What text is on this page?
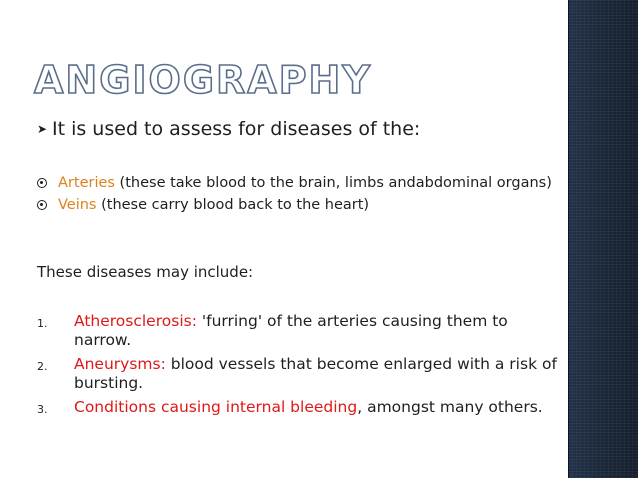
ANGIOGRAPHY
➤ It is used to assess for diseases of the:
Arteries (these take blood to the brain, limbs andabdominal organs)
Veins (these carry blood back to the heart)
These diseases may include:
1. Atherosclerosis: 'furring' of the arteries causing them to narrow.
2. Aneurysms: blood vessels that become enlarged with a risk of bursting.
3. Conditions causing internal bleeding, amongst many others.
